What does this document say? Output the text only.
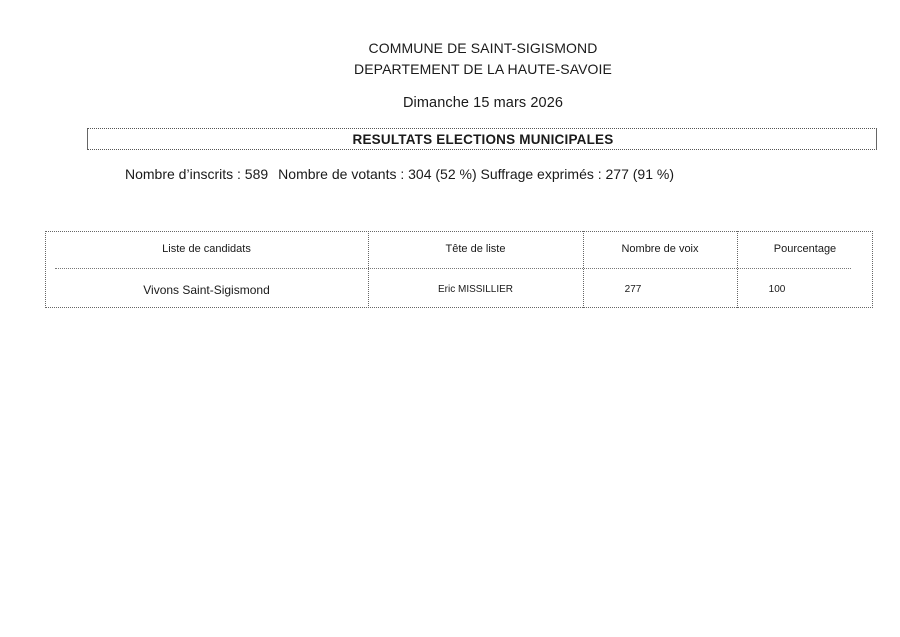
COMMUNE DE SAINT-SIGISMOND
DEPARTEMENT DE LA HAUTE-SAVOIE
Dimanche 15 mars 2026
RESULTATS ELECTIONS MUNICIPALES
Nombre d’inscrits : 589 Nombre de votants : 304 (52 %) Suffrage exprimés : 277 (91 %)
Liste de candidats	Tête de liste	Nombre de voix	Pourcentage
Vivons Saint-Sigismond	Eric MISSILLIER	277	100
